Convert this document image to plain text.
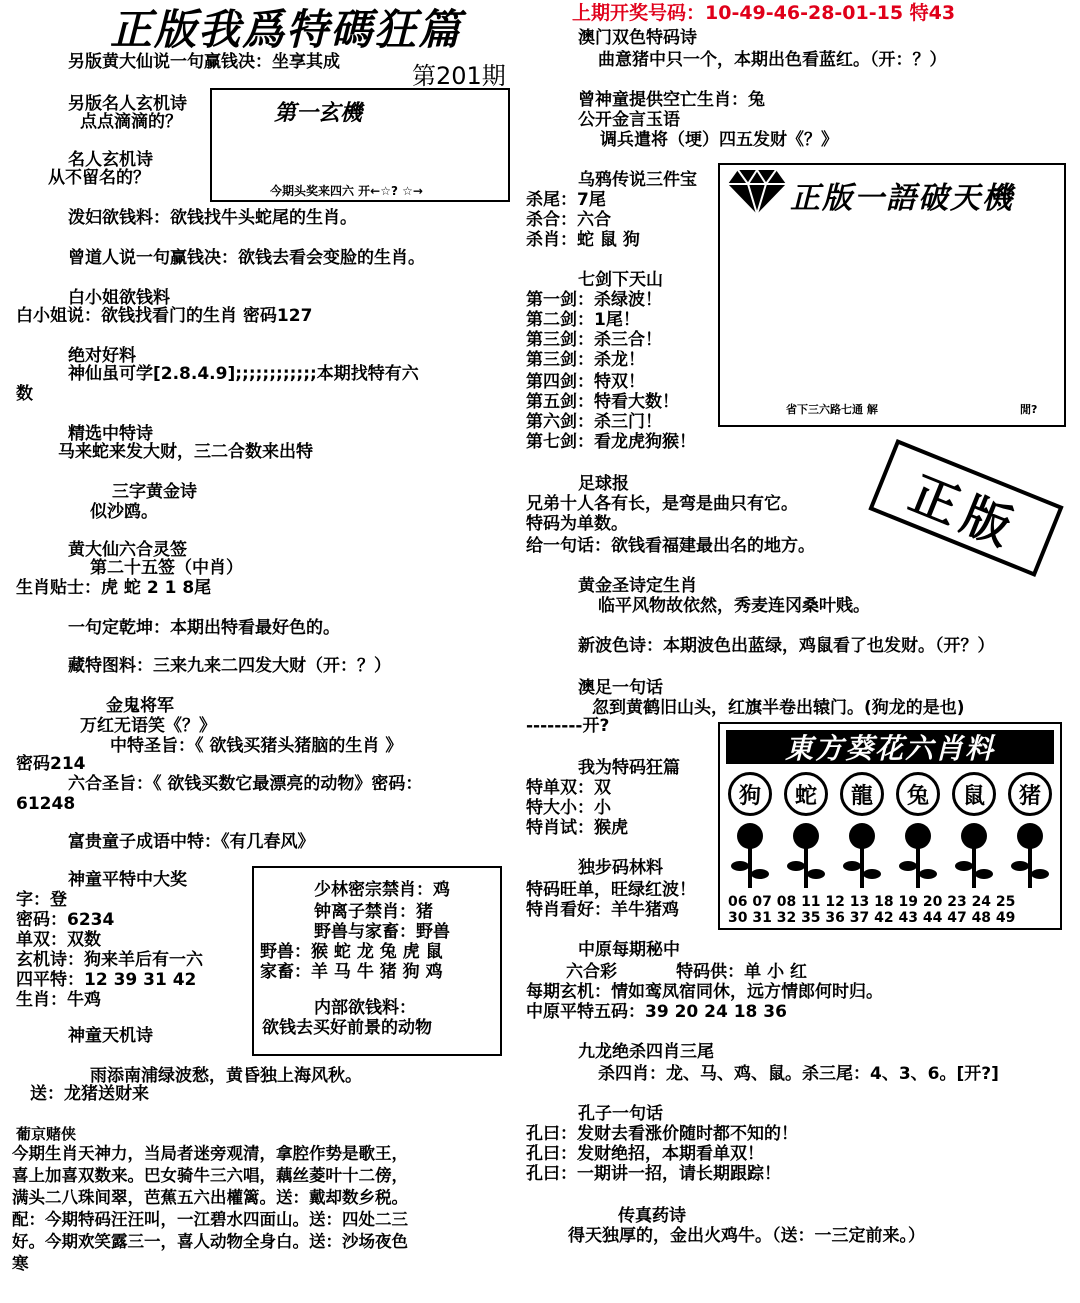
正版我爲特碼狂篇
第201期
上期开奖号码：10-49-46-28-01-15 特43
第一玄機
今期头奖来四六 开←☆? ☆→	正版一語破天機
省下三六路七通 解	閒?
正版
東方葵花六肖料
狗	蛇	龍	兔	鼠	猪
06 07 08 11 12 13 18 19 20 23 24 25
30 31 32 35 36 37 42 43 44 47 48 49
少林密宗禁肖：鸡
钟离子禁肖：猪
野兽与家畜：野兽
野兽：猴 蛇 龙 兔 虎 鼠
家畜：羊 马 牛 猪 狗 鸡
内部欲钱料：
欲钱去买好前景的动物
另版黄大仙说一句赢钱决：坐享其成
另版名人玄机诗
点点滴滴的？
名人玄机诗
从不留名的？
泼妇欲钱料：欲钱找牛头蛇尾的生肖。
曾道人说一句赢钱决：欲钱去看会变脸的生肖。
白小姐欲钱料
白小姐说：欲钱找看门的生肖 密码127
绝对好料
神仙虽可学[2.8.4.9];;;;;;;;;;;;本期找特有六
数
精选中特诗
马来蛇来发大财，三二合数来出特
三字黄金诗
似沙鸥。
黄大仙六合灵签
第二十五签（中肖）
生肖贴士：虎 蛇 2 1 8尾
一句定乾坤：本期出特看最好色的。
藏特图料：三来九来二四发大财（开：？）
金鬼将军
万红无语笑《？》
中特圣旨：《 欲钱买猪头猪脑的生肖 》
密码214
六合圣旨：《 欲钱买数它最漂亮的动物》密码：
61248
富贵童子成语中特：《有几春风》
神童平特中大奖
字：登
密码：6234
单双：双数
玄机诗：狗来羊后有一六
四平特：12 39 31 42
生肖：牛鸡
神童天机诗
雨添南浦绿波愁，黄昏独上海风秋。
送：龙猪送财来
葡京赌侠
今期生肖天神力，当局者迷旁观清，拿腔作势是歌王，
喜上加喜双数来。巴女骑牛三六唱，藕丝菱叶十二傍，
满头二八珠间翠，芭蕉五六出權篱。送：戴却数乡税。
配：今期特码汪汪叫，一江碧水四面山。送：四处二三
好。今期欢笑露三一，喜人动物全身白。送：沙场夜色
寒
澳门双色特码诗
曲意猪中只一个，本期出色看蓝红。（开：？）
曾神童提供空亡生肖：兔
公开金言玉语
调兵遣将（埂）四五发财《？》
乌鸦传说三件宝
杀尾：7尾
杀合：六合
杀肖：蛇 鼠 狗
七剑下天山
第一剑：杀绿波！
第二剑：1尾！
第三剑：杀三合！
第三剑：杀龙！
第四剑：特双！
第五剑：特看大数！
第六剑：杀三门！
第七剑：看龙虎狗猴！
足球报
兄弟十人各有长，是弯是曲只有它。
特码为单数。
给一句话：欲钱看福建最出名的地方。
黄金圣诗定生肖
临平风物故依然，秀麦连冈桑叶贱。
新波色诗：本期波色出蓝绿，鸡鼠看了也发财。（开？）
澳足一句话
忽到黄鹤旧山头，红旗半卷出辕门。(狗龙的是也)
--------开?
我为特码狂篇
特单双：双
特大小：小
特肖试：猴虎
独步码林料
特码旺单，旺绿红波！
特肖看好：羊牛猪鸡
中原每期秘中
六合彩          特码供：单 小 红
每期玄机：情如鸾凤宿同休，远方情郎何时归。
中原平特五码：39 20 24 18 36
九龙绝杀四肖三尾
杀四肖：龙、马、鸡、鼠。杀三尾：4、3、6。[开?]
孔子一句话
孔曰：发财去看涨价随时都不知的！
孔曰：发财绝招，本期看单双！
孔曰：一期讲一招，请长期跟踪！
传真药诗
得天独厚的，金出火鸡牛。（送：一三定前来。）
